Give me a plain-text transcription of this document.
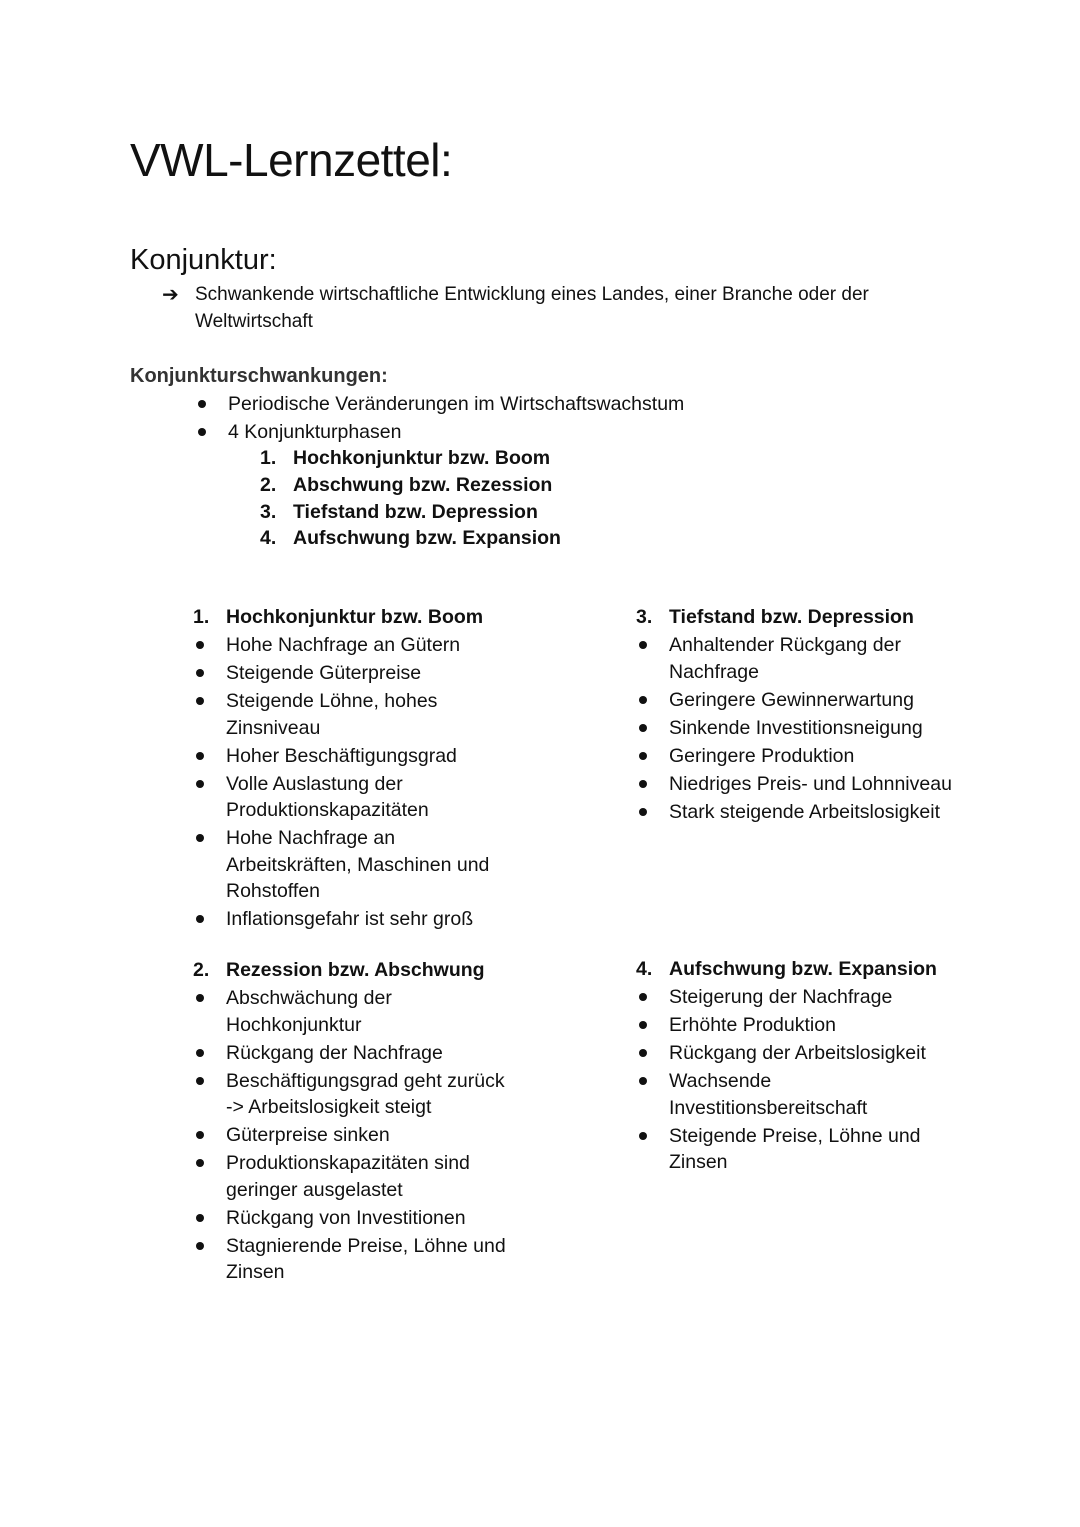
VWL-Lernzettel:
Konjunktur:
➔ Schwankende wirtschaftliche Entwicklung eines Landes, einer Branche oder der Weltwirtschaft
Konjunkturschwankungen:
Periodische Veränderungen im Wirtschaftswachstum
4 Konjunkturphasen
1. Hochkonjunktur bzw. Boom
2. Abschwung bzw. Rezession
3. Tiefstand bzw. Depression
4. Aufschwung bzw. Expansion
1. Hochkonjunktur bzw. Boom
Hohe Nachfrage an Gütern
Steigende Güterpreise
Steigende Löhne, hohes Zinsniveau
Hoher Beschäftigungsgrad
Volle Auslastung der Produktionskapazitäten
Hohe Nachfrage an Arbeitskräften, Maschinen und Rohstoffen
Inflationsgefahr ist sehr groß
3. Tiefstand bzw. Depression
Anhaltender Rückgang der Nachfrage
Geringere Gewinnerwartung
Sinkende Investitionsneigung
Geringere Produktion
Niedriges Preis- und Lohnniveau
Stark steigende Arbeitslosigkeit
2. Rezession bzw. Abschwung
Abschwächung der Hochkonjunktur
Rückgang der Nachfrage
Beschäftigungsgrad geht zurück -> Arbeitslosigkeit steigt
Güterpreise sinken
Produktionskapazitäten sind geringer ausgelastet
Rückgang von Investitionen
Stagnierende Preise, Löhne und Zinsen
4. Aufschwung bzw. Expansion
Steigerung der Nachfrage
Erhöhte Produktion
Rückgang der Arbeitslosigkeit
Wachsende Investitionsbereitschaft
Steigende Preise, Löhne und Zinsen
